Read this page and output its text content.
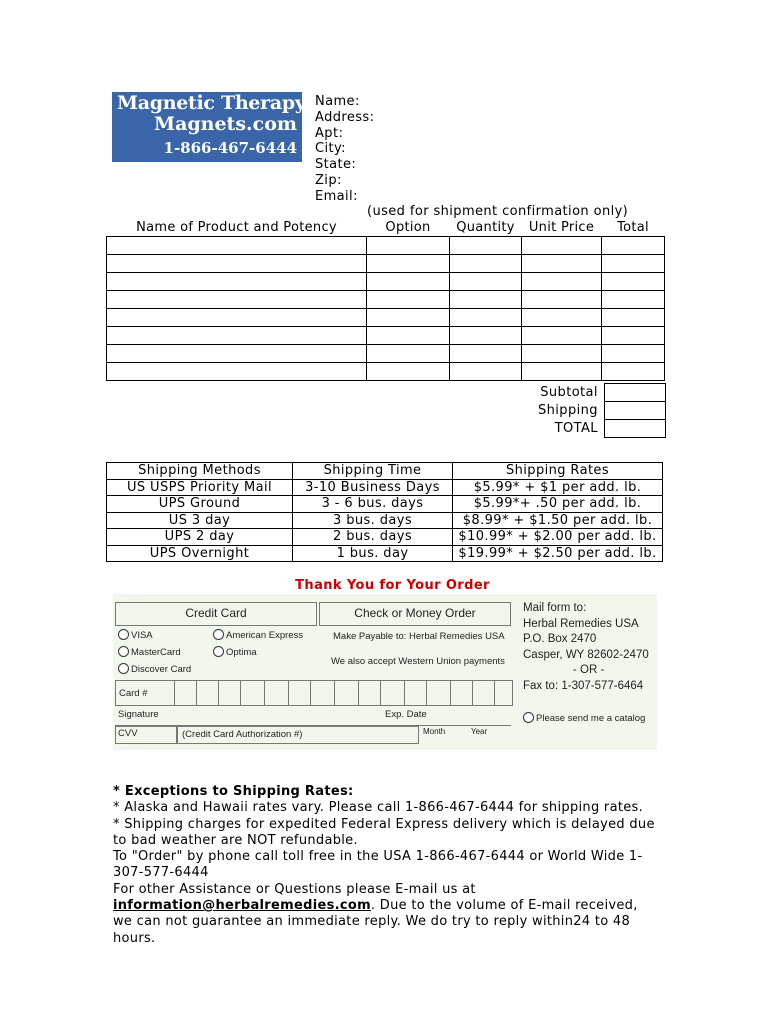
Magnetic Therapy
Magnets.com
1-866-467-6444
Name:
Address:
Apt:
City:
State:
Zip:
Email:
(used for shipment confirmation only)
Name of Product and Potency	Option	Quantity	Unit Price	Total

Subtotal	
Shipping	
TOTAL	
Shipping Methods	Shipping Time	Shipping Rates
US USPS Priority Mail	3-10 Business Days	$5.99* + $1 per add. lb.
UPS Ground	3 - 6 bus. days	$5.99*+ .50 per add. lb.
US 3 day	3 bus. days	$8.99* + $1.50 per add. lb.
UPS 2 day	2 bus. days	$10.99* + $2.00 per add. lb.
UPS Overnight	1 bus. day	$19.99* + $2.50 per add. lb.
Thank You for Your Order
Credit Card	Check or Money Order
VISA	American Express
MasterCard	Optima
Discover Card
Make Payable to: Herbal Remedies USA
We also accept Western Union payments
Mail form to:
Herbal Remedies USA
P.O. Box 2470
Casper, WY 82602-2470
- OR -
Fax to: 1-307-577-6464
Card #
Signature	Exp. Date
CVV	(Credit Card Authorization #)	Month	Year
Please send me a catalog
* Exceptions to Shipping Rates:
* Alaska and Hawaii rates vary. Please call 1-866-467-6444 for shipping rates.
* Shipping charges for expedited Federal Express delivery which is delayed due to bad weather are NOT refundable.
To "Order" by phone call toll free in the USA 1-866-467-6444 or World Wide 1-307-577-6444
For other Assistance or Questions please E-mail us at
information@herbalremedies.com. Due to the volume of E-mail received, we can not guarantee an immediate reply. We do try to reply within24 to 48 hours.
